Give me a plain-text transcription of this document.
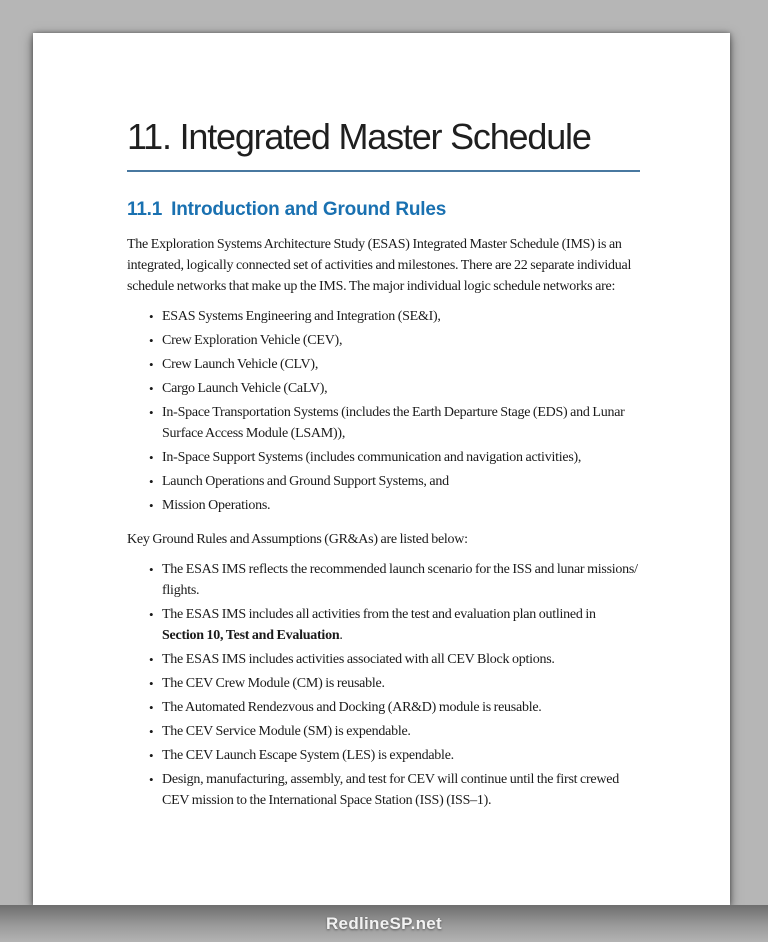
11. Integrated Master Schedule
11.1 Introduction and Ground Rules

The Exploration Systems Architecture Study (ESAS) Integrated Master Schedule (IMS) is an integrated, logically connected set of activities and milestones. There are 22 separate individual schedule networks that make up the IMS. The major individual logic schedule networks are:

• ESAS Systems Engineering and Integration (SE&I),
• Crew Exploration Vehicle (CEV),
• Crew Launch Vehicle (CLV),
• Cargo Launch Vehicle (CaLV),
• In-Space Transportation Systems (includes the Earth Departure Stage (EDS) and Lunar Surface Access Module (LSAM)),
• In-Space Support Systems (includes communication and navigation activities),
• Launch Operations and Ground Support Systems, and
• Mission Operations.

Key Ground Rules and Assumptions (GR&As) are listed below:

• The ESAS IMS reflects the recommended launch scenario for the ISS and lunar missions/ flights.
• The ESAS IMS includes all activities from the test and evaluation plan outlined in Section 10, Test and Evaluation.
• The ESAS IMS includes activities associated with all CEV Block options.
• The CEV Crew Module (CM) is reusable.
• The Automated Rendezvous and Docking (AR&D) module is reusable.
• The CEV Service Module (SM) is expendable.
• The CEV Launch Escape System (LES) is expendable.
• Design, manufacturing, assembly, and test for CEV will continue until the first crewed CEV mission to the International Space Station (ISS) (ISS–1).
RedlineSP.net
